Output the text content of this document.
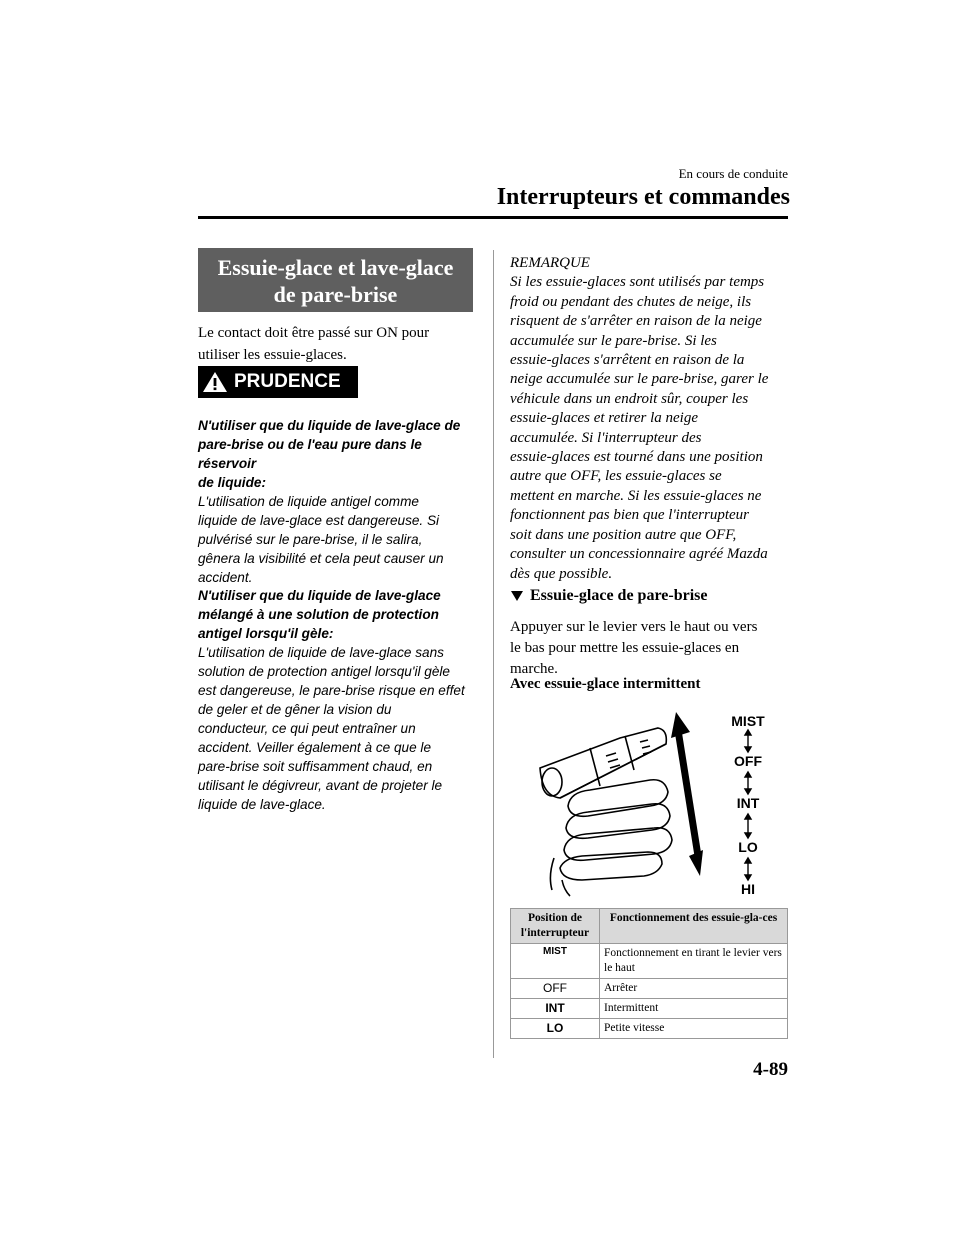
En cours de conduite
Interrupteurs et commandes
Essuie-glace et lave-glace
de pare-brise
Le contact doit être passé sur ON pour
utiliser les essuie-glaces.
PRUDENCE

N'utiliser que du liquide de lave-glace de

pare-brise ou de l'eau pure dans le réservoir

de liquide:

L'utilisation de liquide antigel comme

liquide de lave-glace est dangereuse. Si

pulvérisé sur le pare-brise, il le salira,

gênera la visibilité et cela peut causer un

accident.

N'utiliser que du liquide de lave-glace

mélangé à une solution de protection

antigel lorsqu'il gèle:

L'utilisation de liquide de lave-glace sans

solution de protection antigel lorsqu'il gèle

est dangereuse, le pare-brise risque en effet

de geler et de gêner la vision du

conducteur, ce qui peut entraîner un

accident. Veiller également à ce que le

pare-brise soit suffisamment chaud, en

utilisant le dégivreur, avant de projeter le

liquide de lave-glace.

REMARQUE

Si les essuie-glaces sont utilisés par temps

froid ou pendant des chutes de neige, ils

risquent de s'arrêter en raison de la neige

accumulée sur le pare-brise. Si les

essuie-glaces s'arrêtent en raison de la

neige accumulée sur le pare-brise, garer le

véhicule dans un endroit sûr, couper les

essuie-glaces et retirer la neige

accumulée. Si l'interrupteur des

essuie-glaces est tourné dans une position

autre que OFF, les essuie-glaces se

mettent en marche. Si les essuie-glaces ne

fonctionnent pas bien que l'interrupteur

soit dans une position autre que OFF,

consulter un concessionnaire agréé Mazda

dès que possible.

Essuie-glace de pare-brise
Appuyer sur le levier vers le haut ou vers
le bas pour mettre les essuie-glaces en
marche.
Avec essuie-glace intermittent
MIST
OFF
INT
LO
HI
Position de l'interrupteur	Fonctionnement des essuie-gla-ces
MIST	Fonctionnement en tirant le levier vers le haut
OFF	Arrêter
INT	Intermittent
LO	Petite vitesse
4-89
